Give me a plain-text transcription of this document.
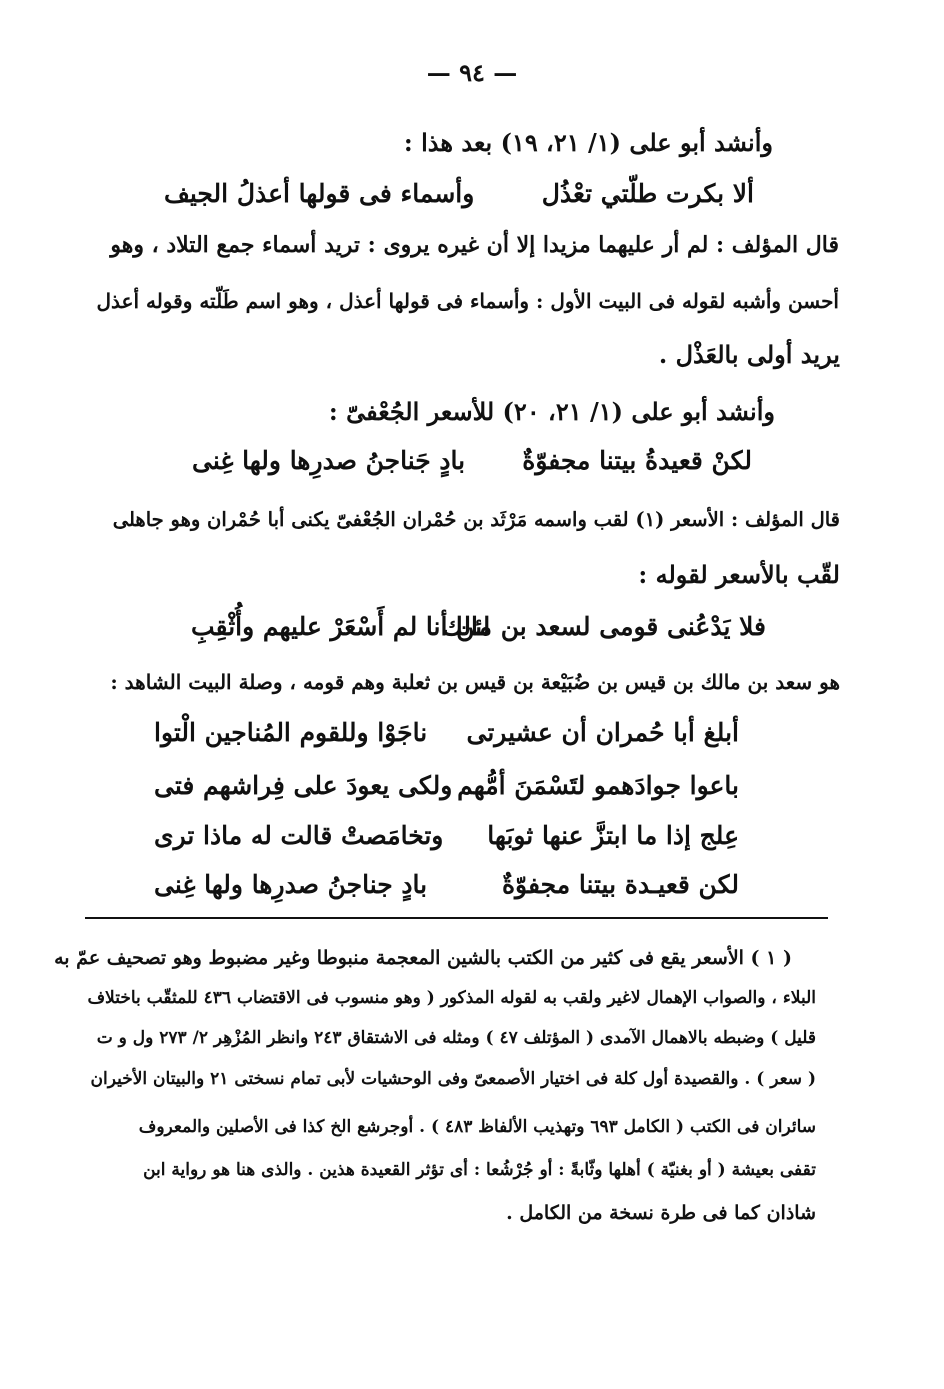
— ٩٤ —
وأنشد أبو على (١/ ٢١، ١٩) بعد هذا :
ألا بكرت طلّتي تعْذُل
وأسماء فى قولها أعذلُ الجيف
قال المؤلف : لم أر عليهما مزيدا إلا أن غيره يروى : تريد أسماء جمع التلاد ، وهو
أحسن وأشبه لقوله فى البيت الأول : وأسماء فى قولها أعذل ، وهو اسم طَلّته وقوله أعذل
يريد أولى بالعَذْل .
وأنشد أبو على (١/ ٢١، ٢٠) للأسعر الجُعْفىّ :
لكنْ قعيدةُ بيتنا مجفوّةٌ
بادٍ جَناجنُ صدرِها ولها غِنى
قال المؤلف : الأسعر (١) لقب واسمه مَرْثَد بن حُمْران الجُعْفىّ يكنى أبا حُمْران وهو جاهلى
لقّب بالأسعر لقوله :
فلا يَدْعُنى قومى لسعد بن مالك
لئن أنا لم أَسْعَرْ عليهم وأُثْقِبِ
هو سعد بن مالك بن قيس بن ضُبَيْعة بن قيس بن ثعلبة وهم قومه ، وصلة البيت الشاهد :
أبلغ أبا حُمران أن عشيرتى
ناجَوْا وللقوم المُناجين الْتوا
باعوا جوادَهمو لتَسْمَنَ أمُّهم
ولكى يعودَ على فِراشهم فتى
عِلج إذا ما ابتزَّ عنها ثوبَها
وتخامَصتْ قالت له ماذا ترى
لكن قعيـدة بيتنا مجفوّةٌ
بادٍ جناجنُ صدرِها ولها غِنى
( ١ ) الأسعر يقع فى كثير من الكتب بالشين المعجمة منبوطا وغير مضبوط وهو تصحيف عمّ به
البلاء ، والصواب الإهمال لاغير ولقب به لقوله المذكور ( وهو منسوب فى الاقتضاب ٤٣٦ للمثقّب باختلاف
قليل ) وضبطه بالاهمال الآمدى ( المؤتلف ٤٧ ) ومثله فى الاشتقاق ٢٤٣ وانظر المُزْهِر ٢/ ٢٧٣ ول و ت
( سعر ) . والقصيدة أول كلة فى اختيار الأصمعىّ وفى الوحشيات لأبى تمام نسختى ٢١ والبيتان الأخيران
سائران فى الكتب ( الكامل ٦٩٣ وتهذيب الألفاظ ٤٨٣ ) . أوجرشع الخ كذا فى الأصلين والمعروف
تقفى بعيشة ( أو بغنيّة ) أهلها وثّابةً : أو جُرْشُعا : أى تؤثر القعيدة هذين . والذى هنا هو رواية ابن
شاذان كما فى طرة نسخة من الكامل .
